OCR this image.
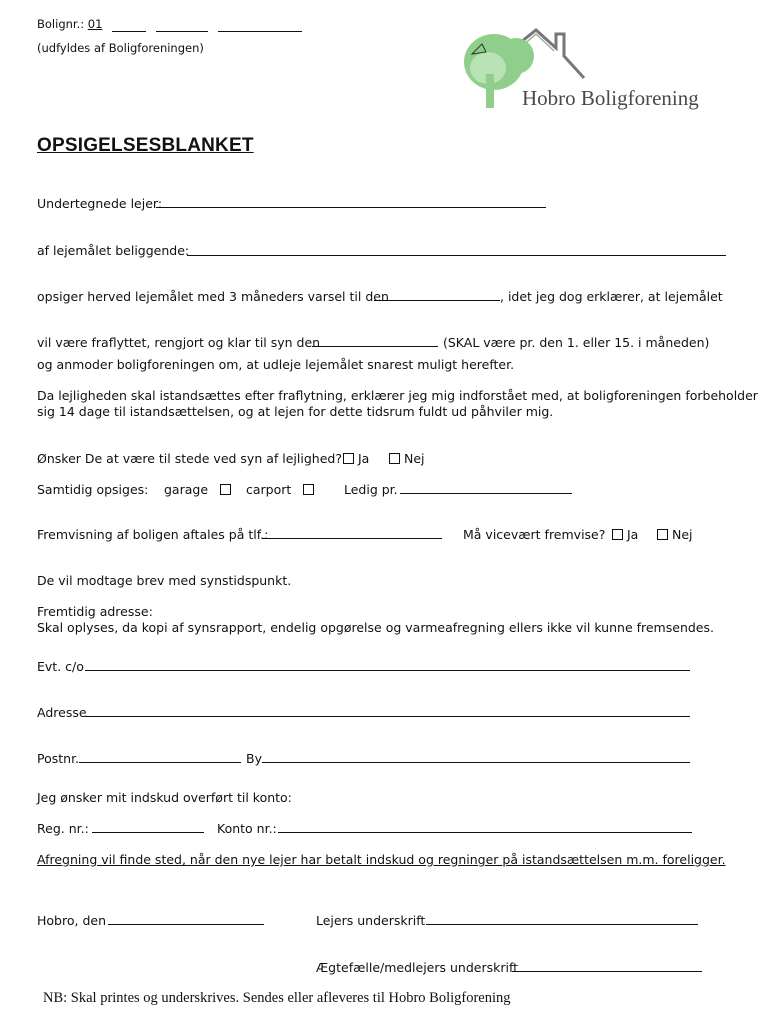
Bolignr.: 01
(udfyldes af Boligforeningen)
Hobro Boligforening
OPSIGELSESBLANKET
Undertegnede lejer:
af lejemålet beliggende:
opsiger herved lejemålet med 3 måneders varsel til den	, idet jeg dog erklærer, at lejemålet
vil være fraflyttet, rengjort og klar til syn den	(SKAL være pr. den 1. eller 15. i måneden)
og anmoder boligforeningen om, at udleje lejemålet snarest muligt herefter.
Da lejligheden skal istandsættes efter fraflytning, erklærer jeg mig indforstået med, at boligforeningen forbeholder
sig 14 dage til istandsættelsen, og at lejen for dette tidsrum fuldt ud påhviler mig.
Ønsker De at være til stede ved syn af lejlighed?	Ja	Nej
Samtidig opsiges: garage	carport	Ledig pr.
Fremvisning af boligen aftales på tlf.:	Må vicevært fremvise?	Ja	Nej
De vil modtage brev med synstidspunkt.
Fremtidig adresse:
Skal oplyses, da kopi af synsrapport, endelig opgørelse og varmeafregning ellers ikke vil kunne fremsendes.
Evt. c/o
Adresse
Postnr.	By
Jeg ønsker mit indskud overført til konto:
Reg. nr.:	Konto nr.:
Afregning vil finde sted, når den nye lejer har betalt indskud og regninger på istandsættelsen m.m. foreligger.
Hobro, den	Lejers underskrift
Ægtefælle/medlejers underskrift
NB: Skal printes og underskrives. Sendes eller afleveres til Hobro Boligforening
